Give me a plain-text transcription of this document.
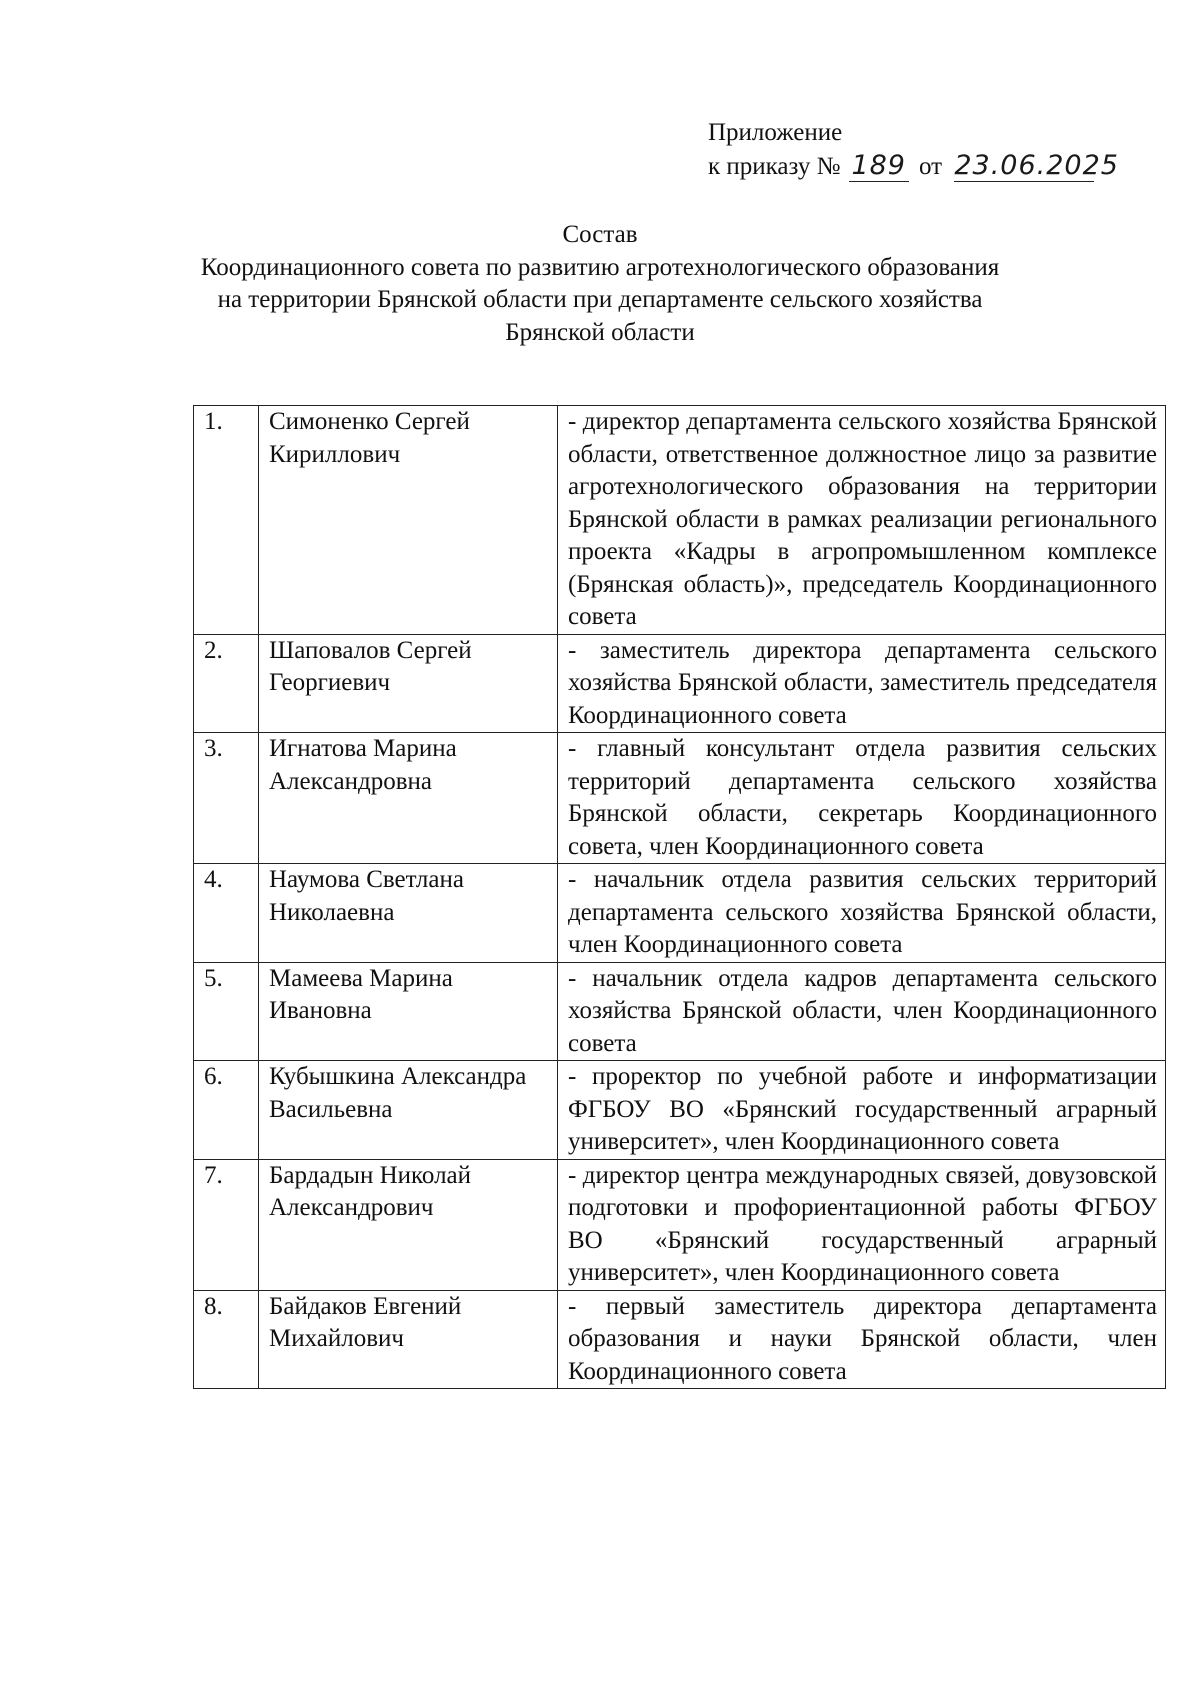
Приложение
к приказу № 189 от 23.06.2025
Состав
Координационного совета по развитию агротехнологического образования
на территории Брянской области при департаменте сельского хозяйства
Брянской области
1.	Симоненко Сергей Кириллович	- директор департамента сельского хозяйства Брянской области, ответственное должностное лицо за развитие агротехнологического образования на территории Брянской области в рамках реализации регионального проекта «Кадры в агропромышленном комплексе (Брянская область)», председатель Координационного совета
2.	Шаповалов Сергей Георгиевич	- заместитель директора департамента сельского хозяйства Брянской области, заместитель председателя Координационного совета
3.	Игнатова Марина Александровна	- главный консультант отдела развития сельских территорий департамента сельского хозяйства Брянской области, секретарь Координационного совета, член Координационного совета
4.	Наумова Светлана Николаевна	- начальник отдела развития сельских территорий департамента сельского хозяйства Брянской области, член Координационного совета
5.	Мамеева Марина Ивановна	- начальник отдела кадров департамента сельского хозяйства Брянской области, член Координационного совета
6.	Кубышкина Александра Васильевна	- проректор по учебной работе и информатизации ФГБОУ ВО «Брянский государственный аграрный университет», член Координационного совета
7.	Бардадын Николай Александрович	- директор центра международных связей, довузовской подготовки и профориентационной работы ФГБОУ ВО «Брянский государственный аграрный университет», член Координационного совета
8.	Байдаков Евгений Михайлович	- первый заместитель директора департамента образования и науки Брянской области, член Координационного совета
